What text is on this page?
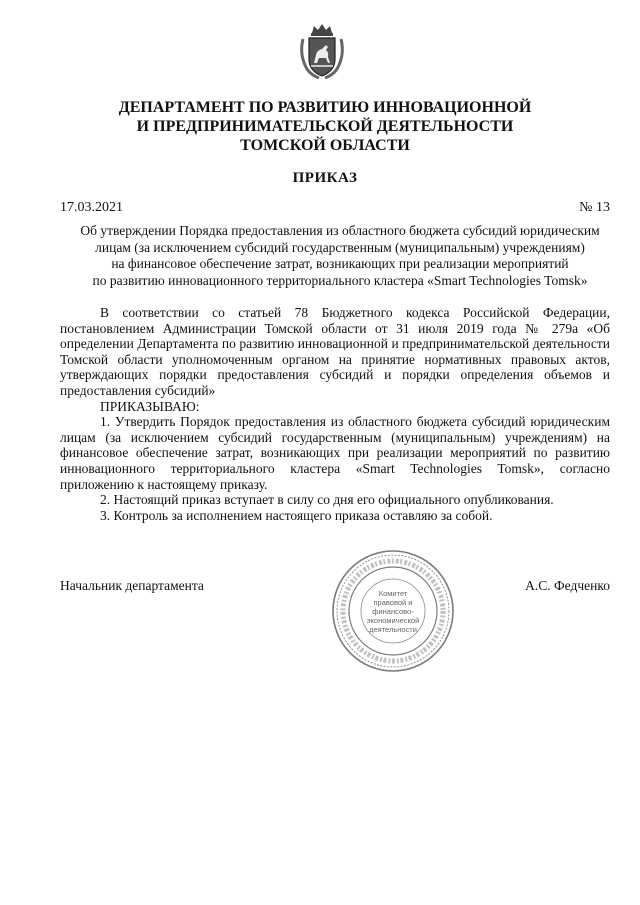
ДЕПАРТАМЕНТ ПО РАЗВИТИЮ ИННОВАЦИОННОЙ
И ПРЕДПРИНИМАТЕЛЬСКОЙ ДЕЯТЕЛЬНОСТИ
ТОМСКОЙ ОБЛАСТИ
ПРИКАЗ
17.03.2021	№ 13
Об утверждении Порядка предоставления из областного бюджета субсидий юридическим
лицам (за исключением субсидий государственным (муниципальным) учреждениям)
на финансовое обеспечение затрат, возникающих при реализации мероприятий
по развитию инновационного территориального кластера «Smart Technologies Tomsk»

В соответствии со статьей 78 Бюджетного кодекса Российской Федерации, постановлением Администрации Томской области от 31 июля 2019 года № 279а «Об определении Департамента по развитию инновационной и предпринимательской деятельности Томской области уполномоченным органом на принятие нормативных правовых актов, утверждающих порядки предоставления субсидий и порядки определения объемов и предоставления субсидий»

ПРИКАЗЫВАЮ:

1. Утвердить Порядок предоставления из областного бюджета субсидий юридическим лицам (за исключением субсидий государственным (муниципальным) учреждениям) на финансовое обеспечение затрат, возникающих при реализации мероприятий по развитию инновационного территориального кластера «Smart Technologies Tomsk», согласно приложению к настоящему приказу.

2. Настоящий приказ вступает в силу со дня его официального опубликования.

3. Контроль за исполнением настоящего приказа оставляю за собой.

Начальник департамента	А.С. Федченко
Комитет
правовой и
финансово-
экономической
деятельности
